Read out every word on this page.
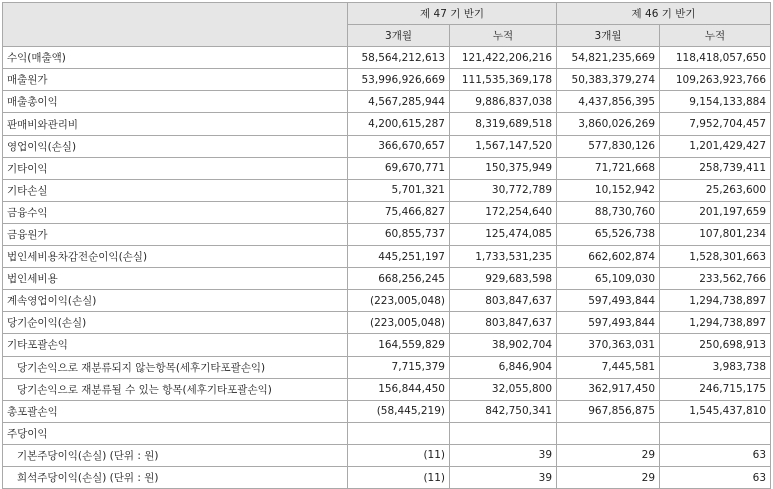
	제 47 기 반기		제 46 기 반기	
	3개월	누적	3개월	누적
수익(매출액)	58,564,212,613	121,422,206,216	54,821,235,669	118,418,057,650
매출원가	53,996,926,669	111,535,369,178	50,383,379,274	109,263,923,766
매출총이익	4,567,285,944	9,886,837,038	4,437,856,395	9,154,133,884
판매비와관리비	4,200,615,287	8,319,689,518	3,860,026,269	7,952,704,457
영업이익(손실)	366,670,657	1,567,147,520	577,830,126	1,201,429,427
기타이익	69,670,771	150,375,949	71,721,668	258,739,411
기타손실	5,701,321	30,772,789	10,152,942	25,263,600
금융수익	75,466,827	172,254,640	88,730,760	201,197,659
금융원가	60,855,737	125,474,085	65,526,738	107,801,234
법인세비용차감전순이익(손실)	445,251,197	1,733,531,235	662,602,874	1,528,301,663
법인세비용	668,256,245	929,683,598	65,109,030	233,562,766
계속영업이익(손실)	(223,005,048)	803,847,637	597,493,844	1,294,738,897
당기순이익(손실)	(223,005,048)	803,847,637	597,493,844	1,294,738,897
기타포괄손익	164,559,829	38,902,704	370,363,031	250,698,913
당기손익으로 재분류되지 않는항목(세후기타포괄손익)	7,715,379	6,846,904	7,445,581	3,983,738
당기손익으로 재분류될 수 있는 항목(세후기타포괄손익)	156,844,450	32,055,800	362,917,450	246,715,175
총포괄손익	(58,445,219)	842,750,341	967,856,875	1,545,437,810
주당이익				
기본주당이익(손실) (단위 : 원)	(11)	39	29	63
희석주당이익(손실) (단위 : 원)	(11)	39	29	63
